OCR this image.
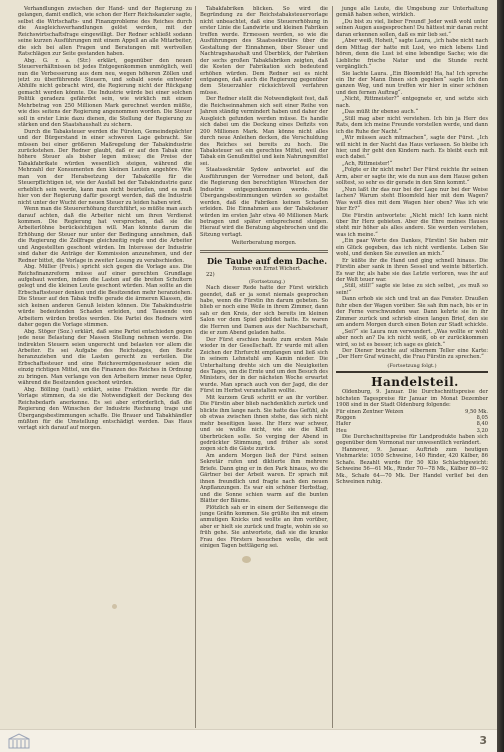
Verhandlungen zwischen der Hand- und der Regierung zu gelangen, damit endlich, wie schon der Herr Reichskanzler sagte, selbst die Wirtschafts- und Finanzprobleme des Reiches durch die Ausgleichsverhandlungen gelöst werden, mit der Reichswirtschaftsfrage eingewilligt. Der Redner schließt sodann seine kurzen Ausführungen mit einem Appell an alle Mitarbeiter, die sich bei allen Fragen und Beratungen mit wertvollen Ratschlägen zur Seite gestanden haben.

Abg. G. r. a. (Str.) erklärt, gegenüber den neuen Steuerverhältnissen ist jedes Entgegenkommen unmöglich, weil nun die Verbesserung aus dem neu, wegen höheren Zöllen und jetzt zu überführende Steuern, und sobald sowie entweder Abhilfe nicht gebracht wird, die Regierung nicht der Rückgang gemacht werden könnte. Die Industrie würde bei einer solchen Politik geradezu gefährdet sein, wie wirklich mit einem Mehrbetrag von 250 Millionen Mark gerechnet werden müßte, wie dies seitens der Regierung angenommen worden. Die Steuer soll in erster Linie dazu dienen, die Stellung der Regierung zu stärken und den Staatshaushalt zu sichern.

Durch die Tabaksteuer werden die Fürsten, Gemeindepächter und der Bürgerstand in einer schweren Lage gebracht. Sie müssen bei einer größeren Maßregelung der Tabakindustrie zurückstehen. Der Redner glaubt, daß er auf den Tabak eine höhere Steuer als bisher legen müsse; die Preise der Tabakfabrikate würden wesentlich steigen, während die Mehrzahl der Konsumenten den kleinen Leuten angehöre. Wie man von der Herabsetzung der Tabakzölle für die Steuerpflichtigen ist, wie der Ausfall bei der Tabakindustrie ganz erheblich sein werde, kann man nicht beurteilen, und es muß hier von der Regierung dafür gesorgt werden, daß die Industrie nicht unter der Wucht der neuen Steuer zu leiden haben wird.

Wenn man die Steuererhöhung durchführt, so müßte man auch darauf achten, daß die Arbeiter nicht um ihren Verdienst kommen. Die Regierung hat versprochen, daß sie die Arbeiterlöhne berücksichtigen will. Man könnte darum die Erhöhung der Steuer nur unter der Bedingung annehmen, daß die Regierung die Zollfrage gleichzeitig regle und die Arbeiter und Angestellten geschont würden. Im Interesse der Industrie sind daher die Anträge der Kommission anzunehmen, und der Redner bittet, die Vorlage in zweiter Lesung zu verabschieden.

Abg. Müller (Freis.) spricht sich gegen die Vorlage aus. Die Reichsfinanzreform müsse auf einer gerechten Grundlage aufgebaut werden, indem die Lasten auf die breiten Schultern gelegt und die kleinen Leute geschont würden. Man sollte an die Erbschaftssteuer denken und die Besitzenden mehr heranziehen. Die Steuer auf den Tabak treffe gerade die ärmeren Klassen, die sich keinen anderen Genuß leisten können. Die Tabakindustrie würde bedeutenden Schaden erleiden, und Tausende von Arbeitern würden brotlos werden. Die Partei des Redners wird daher gegen die Vorlage stimmen.

Abg. Stöger (Soz.) erklärt, daß seine Partei entschieden gegen jede neue Belastung der Massen Stellung nehmen werde. Die indirekten Steuern seien ungerecht und belasten vor allem die Arbeiter. Es sei Aufgabe des Reichstages, den Besitz heranzuziehen und die Lasten gerecht zu verteilen. Die Erbschaftssteuer und eine Reichsvermögenssteuer seien die einzig richtigen Mittel, um die Finanzen des Reiches in Ordnung zu bringen. Man verlange von den Arbeitern immer neue Opfer, während die Besitzenden geschont würden.

Abg. Bölling (natl.) erklärt, seine Fraktion werde für die Vorlage stimmen, da sie die Notwendigkeit der Deckung des Reichsbedarfs anerkenne. Es sei aber erforderlich, daß die Regierung den Wünschen der Industrie Rechnung trage und Übergangsbestimmungen schaffe. Die Brauer und Tabakhändler müßten für die Umstellung entschädigt werden. Das Haus vertagt sich darauf auf morgen.

Tabakfabriken blicken. So wird die Begründung zu der Reichstabaksteuervorlage nicht unbeachtet, daß eine Steuererhöhung in erster Linie die Landwirte und kleinen Fabriken treffen werde. Ermessen werden, so wie die Ausführungen des Staatssekretärs über die Gestaltung der Einnahmen, über Steuer und Nachtragshaushalt und Überblick, der Fabriken der sechs großen Tabakfabriken zeigten, daß die Kosten der Fabrikation sich bedeutend erhöhen würden. Dem Redner sei es nicht entgangen, daß auch die Regierung gegenüber dem Steuerzahler rücksichtsvoll verfahren müsse.

Der Redner stellt die Notwendigkeit fest, daß die Reichseinnahmen sich seit einer Reihe von Jahren ständig vermindert haben und daher der Ausgleich gefunden werden müsse. Es handle sich dabei um die Deckung eines Defizits von 200 Millionen Mark. Man könne nicht alles durch neue Anleihen decken, die Verschuldung des Reiches sei bereits zu hoch. Die Tabaksteuer sei ein gerechtes Mittel, weil der Tabak ein Genußmittel und kein Nahrungsmittel sei.

Staatssekretär Sydow antwortet auf die Ausführungen der Vorredner und betont, daß die Regierung den berechtigten Wünschen der Industrie entgegenkommen werde. Die Übergangsbestimmungen würden so gestaltet werden, daß die Fabriken keinen Schaden erleiden. Die Einnahmen aus der Tabaksteuer würden im ersten Jahr etwa 40 Millionen Mark betragen und später entsprechend steigen. Hierauf wird die Beratung abgebrochen und die Sitzung vertagt.

Weiterberatung morgen.

Die Taube auf dem Dache.

Roman von Ernst Wichert.

22)

(Fortsetzung.)

Nach dieser Rede hatte der Fürst wirklich geendet, daß er ja sonst niemals gesprochen habe, wenn die Fürstin ihn darum gebeten. So blieb er noch eine Weile in ihrem Zimmer, dann sah er den Kreis, der sich bereits im kleinen Salon vor dem Spiel gebildet hatte. Es waren die Herren und Damen aus der Nachbarschaft, die er zum Abend geladen hatte.

Der Fürst erschien heute zum ersten Male wieder in der Gesellschaft. Er wurde mit allen Zeichen der Ehrfurcht empfangen und ließ sich in seinem Lehnstuhl am Kamin nieder. Die Unterhaltung drehte sich um die Neuigkeiten des Tages, um die Ernte und um den Besuch des Ministers, der in der nächsten Woche erwartet wurde. Man sprach auch von der Jagd, die der Fürst im Herbst veranstalten wollte.

Mit kurzem Gruß schritt er an ihr vorüber. Die Fürstin aber blieb nachdenklich zurück und blickte ihm lange nach. Sie hatte das Gefühl, als ob etwas zwischen ihnen stehe, das sich nicht mehr beseitigen lasse. Ihr Herz war schwer, und sie wußte nicht, wie sie die Kluft überbrücken solle. So verging der Abend in gedrückter Stimmung, und früher als sonst zogen sich die Gäste zurück.

Am andern Morgen ließ der Fürst seinen Sekretär rufen und diktierte ihm mehrere Briefe. Dann ging er in den Park hinaus, wo die Gärtner bei der Arbeit waren. Er sprach mit ihnen freundlich und fragte nach den neuen Anpflanzungen. Es war ein schöner Herbsttag, und die Sonne schien warm auf die bunten Blätter der Bäume.

Plötzlich sah er in einem der Seitenwege die junge Gräfin kommen. Sie grüßte ihn mit einem anmutigen Knicks und wollte an ihm vorüber, aber er hielt sie zurück und fragte, wohin sie so früh gehe. Sie antwortete, daß sie die kranke Frau des Försters besuchen wolle, die seit einigen Tagen bettlägerig sei.

junge alle Leute, die Umgebung zur Unterhaltung gemäß haben sehen, wirklich.

„Du bist zu viel, lieber Freund! Jeder weiß wohl unter seinen Augen ausgesprochen! Du hättest mir daran recht daran erkennen sollen, daß es mir lieb sei.“

„Aber weiß, Hoheit,“ sagte Laura, „ich habe nicht nach dem Mittag der hatte mit Lust, wo mich lebens Lind hören, denn die Lust ist eine lebendige Sache; wie die Liebliche frische Natur und die Stunde recht vergänglich.“

Sie lachte Laura. „Ein Bloomfeld! Ha, ha! Ich spreche ein Ihr der Mann Ihnen sich gegeben“ sagte Ich den ganzen Weg, und nun treffen wir hier in einer schönen und den fernen Auftrag“.

„Nicht, Rittmeister?“ entgegnete er, und setzte sich nach.

„Das müßt ihr ebenso auch.“

„Still mag aber nicht verstehen. Ich bin ja Herr des Rats, dem ich meine Freunde vorstellen werde, und dann ich die Ruhe der Nacht.“

„Wir müssen auch mitmachen“, sagte der Fürst. „Ich will nicht in der Nacht das Haus verlassen. So bleibe ich hier, und ihr geht den Kindern nach. Es bleibt euch mit euch dabei.“

„Ach, Rittmeister!“

„Folgte er ihr nicht mehr! Der Fürst reichte ihr seinen Arm, aber er sagte ihr, wie du nun aus dem Hause gehen solltest, so sehr es dir gerade in den Sinn kommt.“

„Nun laßt ihr das nur bei der Lage nur bei der Weise lachen? Warum steht Bloomfeld hier mit dem Wagen? Was weiß dies mit dem Wagen hier oben? Was ich wie hier Er?“

Die Fürstin antwortete: „Nicht mich! Ich kann nicht über Ihr Herz gebieten. Aber die Ehre meines Hauses steht mir höher als alles andere. Sie werden verstehen, was ich meine.“

„Ein paar Worte des Dankes, Fürstin! Sie haben mir ein Glück gegeben, das ich nicht verdiente. Leben Sie wohl, und denken Sie zuweilen an mich.“

Er küßte ihr die Hand und ging schnell hinaus. Die Fürstin aber sank in ihren Sessel und weinte bitterlich. Es war ihr, als habe sie das Letzte verloren, was ihr auf der Welt teuer war.

„Still, still!“ sagte sie leise zu sich selbst, „es muß so sein!“

Dann erhob sie sich und trat an das Fenster. Draußen fuhr eben der Wagen vorüber. Sie sah ihm nach, bis er in der Ferne verschwunden war. Dann kehrte sie in ihr Zimmer zurück und schrieb einen langen Brief, den sie am andern Morgen durch einen Boten zur Stadt schickte.

„Sei?“ sie Laura nun verwundert. „Was wollte er wohl aber noch an? Da ich nicht weiß, ob er zurückkommen wird, so ist es besser, ich sage es gleich.“

Der Diener brachte auf silbernem Teller eine Karte: „Der Herr Graf wünscht, die Frau Fürstin zu sprechen.“

(Fortsetzung folgt.)

Handelsteil.

Oldenburg, 9. Januar. Die Durchschnittspreise der höchsten Tagespreise für Januar im Monat Dezember 1908 sind in der Stadt Oldenburg folgende:

Für einen Zentner Weizen	9,50 Mk.
Roggen	8,05
Hafer	8,40
Heu	3,20

Die Durchschnittspreise für Landprodukte haben sich gegenüber dem Vormonat nur unwesentlich verändert.

Hannover, 9. Januar. Auftrieb zum heutigen Viehmarkte: 1050 Schweine, 140 Rinder, 420 Kälber, 86 Schafe. Bezahlt wurde für 50 Kilo Schlachtgewicht: Schweine 56—61 Mk., Rinder 70—78 Mk., Kälber 80—92 Mk., Schafe 64—70 Mk. Der Handel verlief bei den Schweinen ruhig.

3
